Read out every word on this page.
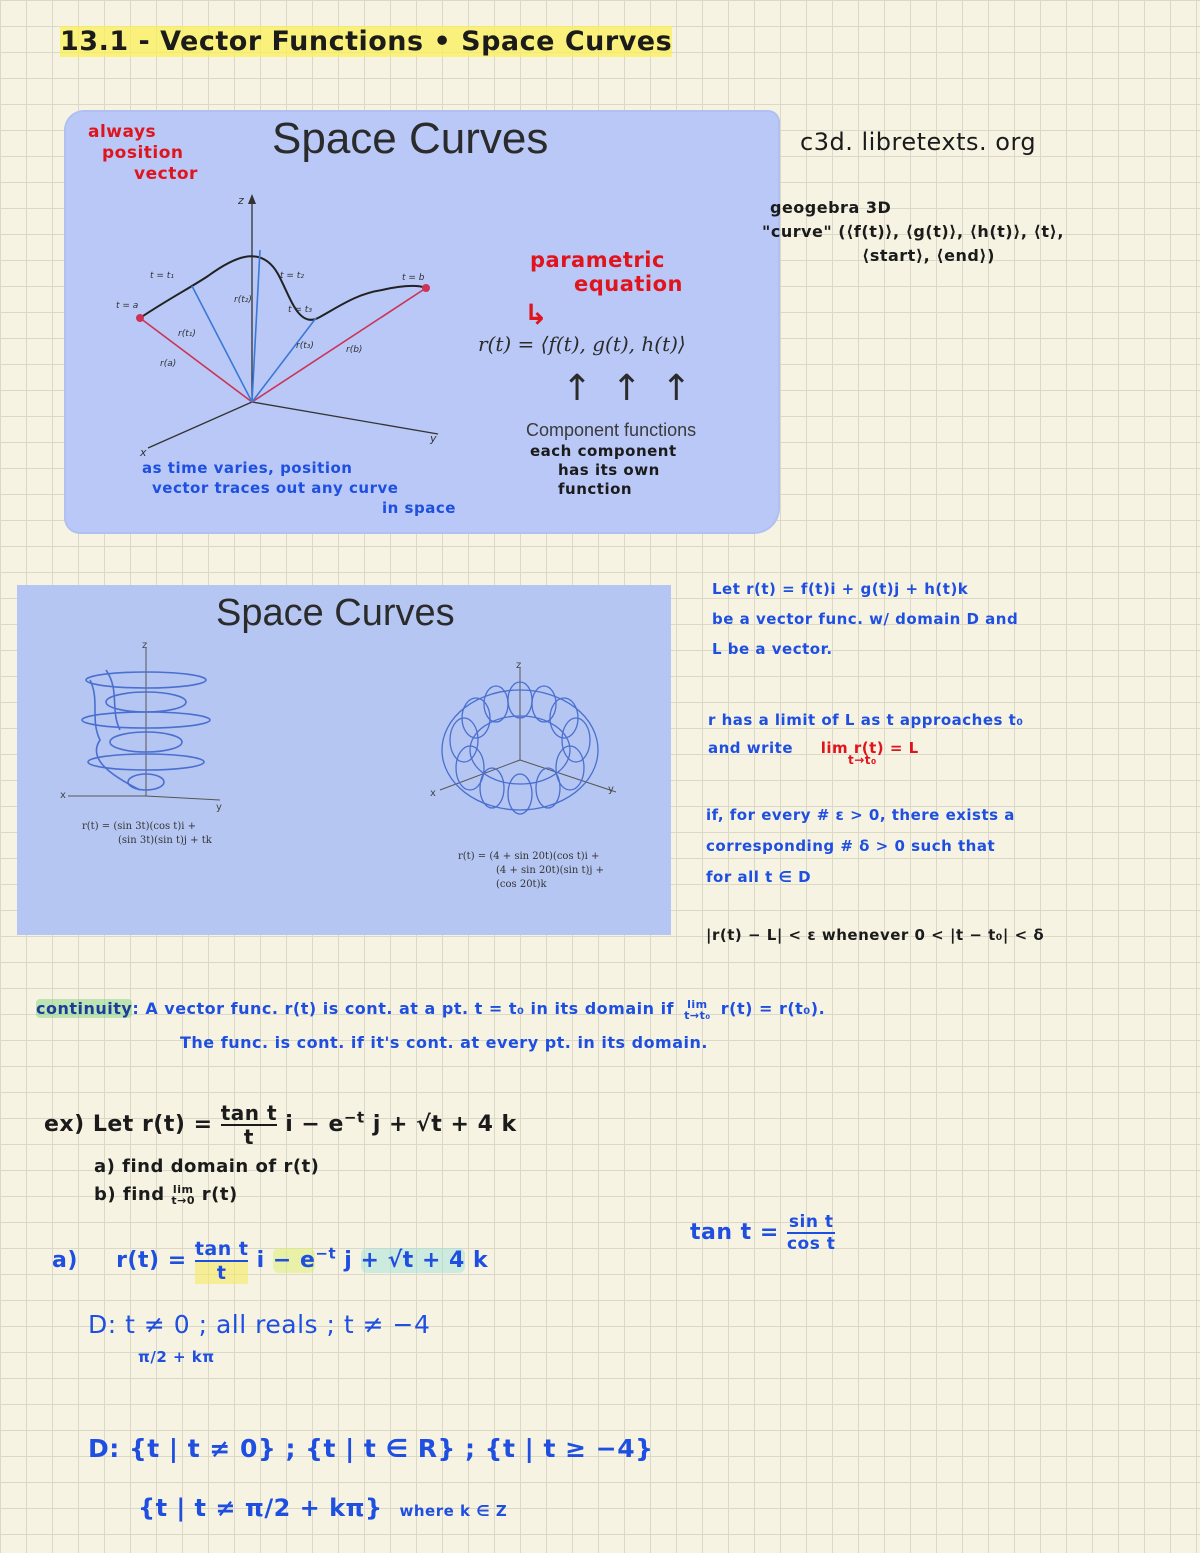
13.1 - Vector Functions • Space Curves
Space Curves
always
position
vector
z
x
y
t = t₁	t = t₂
t = t₃
t = a
t = b
r(a)
r(t₁)
r(t₂)
r(t₃)	r(b)
parametric
equation
↳
r(t) = ⟨f(t), g(t), h(t)⟩
↑ ↑ ↑
Component functions
each component
has its own
function
as time varies, position
vector traces out any curve
in space
c3d. libretexts. org
geogebra 3D
"curve" (⟨f(t)⟩, ⟨g(t)⟩, ⟨h(t)⟩, ⟨t⟩,
⟨start⟩, ⟨end⟩)
Space Curves
z
x
y
r(t) = (sin 3t)(cos t)i +
(sin 3t)(sin t)j + tk
z
x	y
r(t) = (4 + sin 20t)(cos t)i +
(4 + sin 20t)(sin t)j +
(cos 20t)k
Let r(t) = f(t)i + g(t)j + h(t)k
be a vector func. w/ domain D and
L be a vector.
r has a limit of L as t approaches t₀
and write lim r(t) = L
t→t₀
if, for every # ε > 0, there exists a
corresponding # δ > 0 such that
for all t ∈ D
|r(t) − L| < ε whenever 0 < |t − t₀| < δ
continuity: A vector func. r(t) is cont. at a pt. t = t₀ in its domain if lim
t→t₀ r(t) = r(t₀).
The func. is cont. if it's cont. at every pt. in its domain.
ex) Let $r(t) = \frac{\text{tan t}}{t}$ $i - e^{-t}$ j + √t + 4 k
a) find domain of r(t)
b) find lim
t→0 r(t)
$\tan t = \frac{\text{sin t}}{\text{cos t}}$
a) $r(t) = \frac{\text{tan t}}{t}$ $i - e^{-t}$ j + √t + 4 k
D: t ≠ 0 ; all reals ; t ≠ −4
π/2 + kπ
D: {t | t ≠ 0} ; {t | t ∈ R} ; {t | t ≥ −4}
{t | t ≠ π/2 + kπ} where k ∈ Z
